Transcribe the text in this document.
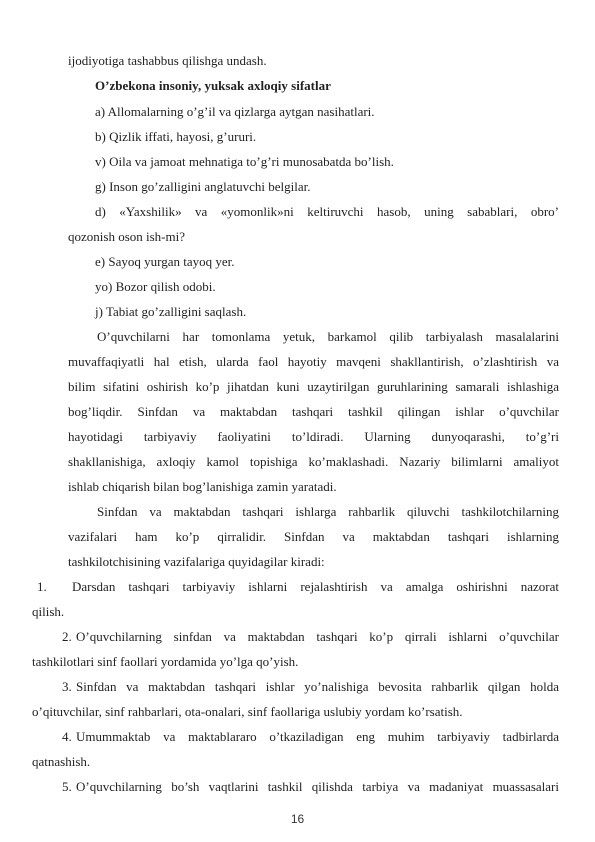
ijodiyotiga tashabbus qilishga undash.
O’zbekona insoniy, yuksak axloqiy sifatlar
a) Allomalarning o’g’il va qizlarga aytgan nasihatlari.
b) Qizlik iffati, hayosi, g’ururi.
v) Oila va jamoat mehnatiga to’g’ri munosabatda bo’lish.
g) Inson go’zalligini anglatuvchi belgilar.
d) «Yaxshilik» va «yomonlik»ni keltiruvchi hasob, uning sabablari, obro’
qozonish oson ish-mi?
e) Sayoq yurgan tayoq yer.
yo) Bozor qilish odobi.
j) Tabiat go’zalligini saqlash.
O’quvchilarni har tomonlama yetuk, barkamol qilib tarbiyalash masalalarini
muvaffaqiyatli hal etish, ularda faol hayotiy mavqeni shakllantirish, o’zlashtirish va
bilim sifatini oshirish ko’p jihatdan kuni uzaytirilgan guruhlarining samarali ishlashiga
bog’liqdir. Sinfdan va maktabdan tashqari tashkil qilingan ishlar o’quvchilar
hayotidagi tarbiyaviy faoliyatini to’ldiradi. Ularning dunyoqarashi, to’g’ri
shakllanishiga, axloqiy kamol topishiga ko’maklashadi. Nazariy bilimlarni amaliyot
ishlab chiqarish bilan bog’lanishiga zamin yaratadi.
Sinfdan va maktabdan tashqari ishlarga rahbarlik qiluvchi tashkilotchilarning
vazifalari ham ko’p qirralidir. Sinfdan va maktabdan tashqari ishlarning
tashkilotchisining vazifalariga quyidagilar kiradi:
1. Darsdan tashqari tarbiyaviy ishlarni rejalashtirish va amalga oshirishni nazorat
qilish.
2. O’quvchilarning sinfdan va maktabdan tashqari ko’p qirrali ishlarni o’quvchilar
tashkilotlari sinf faollari yordamida yo’lga qo’yish.
3. Sinfdan va maktabdan tashqari ishlar yo’nalishiga bevosita rahbarlik qilgan holda
o’qituvchilar, sinf rahbarlari, ota-onalari, sinf faollariga uslubiy yordam ko’rsatish.
4. Umummaktab va maktablararo o’tkaziladigan eng muhim tarbiyaviy tadbirlarda
qatnashish.
5. O’quvchilarning bo’sh vaqtlarini tashkil qilishda tarbiya va madaniyat muassasalari
16
